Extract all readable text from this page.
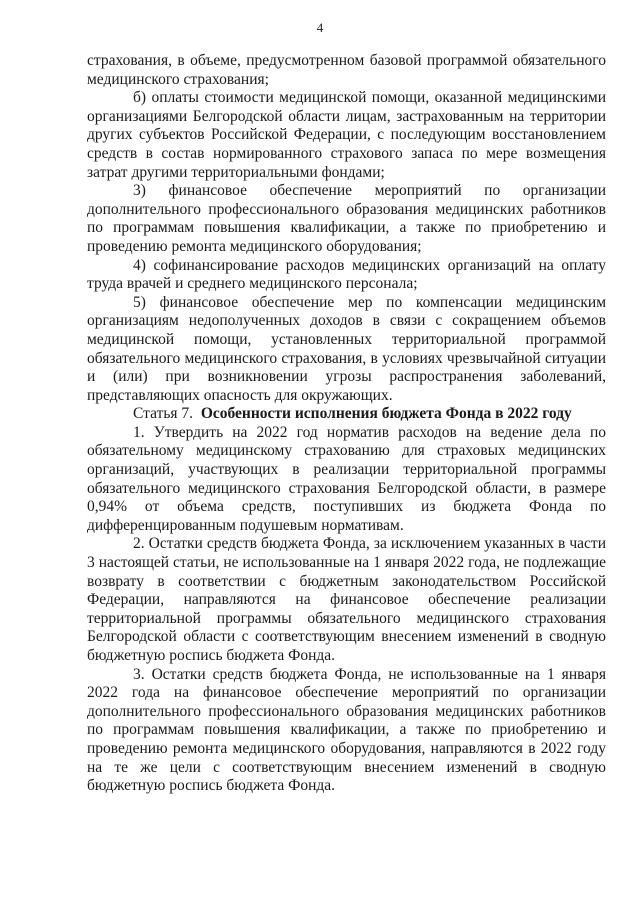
4

страхования, в объеме, предусмотренном базовой программой обязательного медицинского страхования;

б) оплаты стоимости медицинской помощи, оказанной медицинскими организациями Белгородской области лицам, застрахованным на территории других субъектов Российской Федерации, с последующим восстановлением средств в состав нормированного страхового запаса по мере возмещения затрат другими территориальными фондами;

3) финансовое обеспечение мероприятий по организации дополнительного профессионального образования медицинских работников по программам повышения квалификации, а также по приобретению и проведению ремонта медицинского оборудования;

4) софинансирование расходов медицинских организаций на оплату труда врачей и среднего медицинского персонала;

5) финансовое обеспечение мер по компенсации медицинским организациям недополученных доходов в связи с сокращением объемов медицинской помощи, установленных территориальной программой обязательного медицинского страхования, в условиях чрезвычайной ситуации и (или) при возникновении угрозы распространения заболеваний, представляющих опасность для окружающих.

Статья 7. Особенности исполнения бюджета Фонда в 2022 году

1. Утвердить на 2022 год норматив расходов на ведение дела по обязательному медицинскому страхованию для страховых медицинских организаций, участвующих в реализации территориальной программы обязательного медицинского страхования Белгородской области, в размере 0,94% от объема средств, поступивших из бюджета Фонда по дифференцированным подушевым нормативам.

2. Остатки средств бюджета Фонда, за исключением указанных в части 3 настоящей статьи, не использованные на 1 января 2022 года, не подлежащие возврату в соответствии с бюджетным законодательством Российской Федерации, направляются на финансовое обеспечение реализации территориальной программы обязательного медицинского страхования Белгородской области с соответствующим внесением изменений в сводную бюджетную роспись бюджета Фонда.

3. Остатки средств бюджета Фонда, не использованные на 1 января 2022 года на финансовое обеспечение мероприятий по организации дополнительного профессионального образования медицинских работников по программам повышения квалификации, а также по приобретению и проведению ремонта медицинского оборудования, направляются в 2022 году на те же цели с соответствующим внесением изменений в сводную бюджетную роспись бюджета Фонда.
